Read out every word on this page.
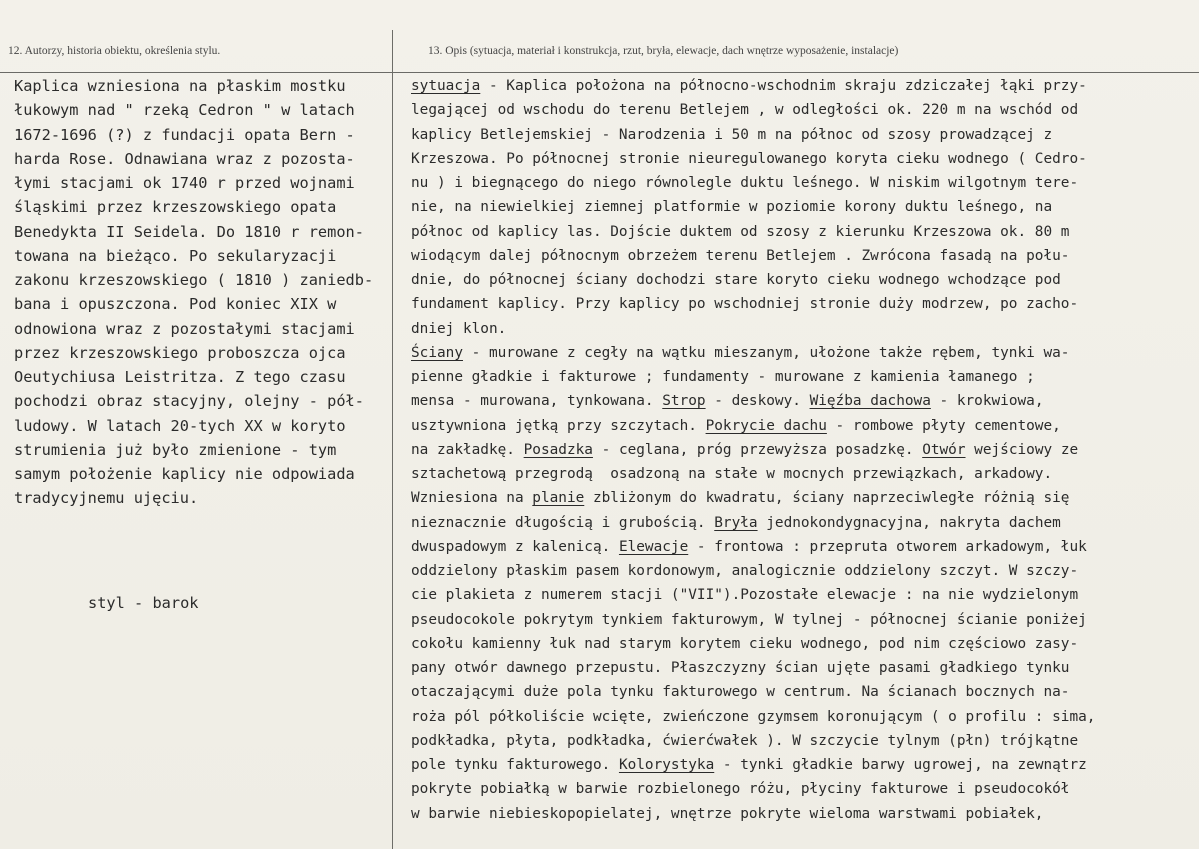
12. Autorzy, historia obiektu, określenia stylu.	13. Opis (sytuacja, materiał i konstrukcja, rzut, bryła, elewacje, dach wnętrze wyposażenie, instalacje)
Kaplica wzniesiona na płaskim mostku
łukowym nad " rzeką Cedron " w latach
1672-1696 (?) z fundacji opata Bern -
harda Rose. Odnawiana wraz z pozosta-
łymi stacjami ok 1740 r przed wojnami
śląskimi przez krzeszowskiego opata
Benedykta II Seidela. Do 1810 r remon-
towana na bieżąco. Po sekularyzacji
zakonu krzeszowskiego ( 1810 ) zaniedb-
bana i opuszczona. Pod koniec XIX w
odnowiona wraz z pozostałymi stacjami
przez krzeszowskiego proboszcza ojca
Oeutychiusa Leistritza. Z tego czasu
pochodzi obraz stacyjny, olejny - pół-
ludowy. W latach 20-tych XX w koryto
strumienia już było zmienione - tym
samym położenie kaplicy nie odpowiada
tradycyjnemu ujęciu.
styl - barok
sytuacja - Kaplica położona na północno-wschodnim skraju zdziczałej łąki przy-
legającej od wschodu do terenu Betlejem , w odległości ok. 220 m na wschód od
kaplicy Betlejemskiej - Narodzenia i 50 m na północ od szosy prowadzącej z
Krzeszowa. Po północnej stronie nieuregulowanego koryta cieku wodnego ( Cedro-
nu ) i biegnącego do niego równolegle duktu leśnego. W niskim wilgotnym tere-
nie, na niewielkiej ziemnej platformie w poziomie korony duktu leśnego, na
północ od kaplicy las. Dojście duktem od szosy z kierunku Krzeszowa ok. 80 m
wiodącym dalej północnym obrzeżem terenu Betlejem . Zwrócona fasadą na połu-
dnie, do północnej ściany dochodzi stare koryto cieku wodnego wchodzące pod
fundament kaplicy. Przy kaplicy po wschodniej stronie duży modrzew, po zacho-
dniej klon.
Ściany - murowane z cegły na wątku mieszanym, ułożone także rębem, tynki wa-
pienne gładkie i fakturowe ; fundamenty - murowane z kamienia łamanego ;
mensa - murowana, tynkowana. Strop - deskowy. Więźba dachowa - krokwiowa,
usztywniona jętką przy szczytach. Pokrycie dachu - rombowe płyty cementowe,
na zakładkę. Posadzka - ceglana, próg przewyższa posadzkę. Otwór wejściowy ze
sztachetową przegrodą  osadzoną na stałe w mocnych przewiązkach, arkadowy.
Wzniesiona na planie zbliżonym do kwadratu, ściany naprzeciwległe różnią się
nieznacznie długością i grubością. Bryła jednokondygnacyjna, nakryta dachem
dwuspadowym z kalenicą. Elewacje - frontowa : przepruta otworem arkadowym, łuk
oddzielony płaskim pasem kordonowym, analogicznie oddzielony szczyt. W szczy-
cie plakieta z numerem stacji ("VII").Pozostałe elewacje : na nie wydzielonym
pseudocokole pokrytym tynkiem fakturowym, W tylnej - północnej ścianie poniżej
cokołu kamienny łuk nad starym korytem cieku wodnego, pod nim częściowo zasy-
pany otwór dawnego przepustu. Płaszczyzny ścian ujęte pasami gładkiego tynku
otaczającymi duże pola tynku fakturowego w centrum. Na ścianach bocznych na-
roża pól półkoliście wcięte, zwieńczone gzymsem koronującym ( o profilu : sima,
podkładka, płyta, podkładka, ćwierćwałek ). W szczycie tylnym (płn) trójkątne
pole tynku fakturowego. Kolorystyka - tynki gładkie barwy ugrowej, na zewnątrz
pokryte pobiałką w barwie rozbielonego różu, płyciny fakturowe i pseudocokół
w barwie niebieskopopielatej, wnętrze pokryte wieloma warstwami pobiałek,
